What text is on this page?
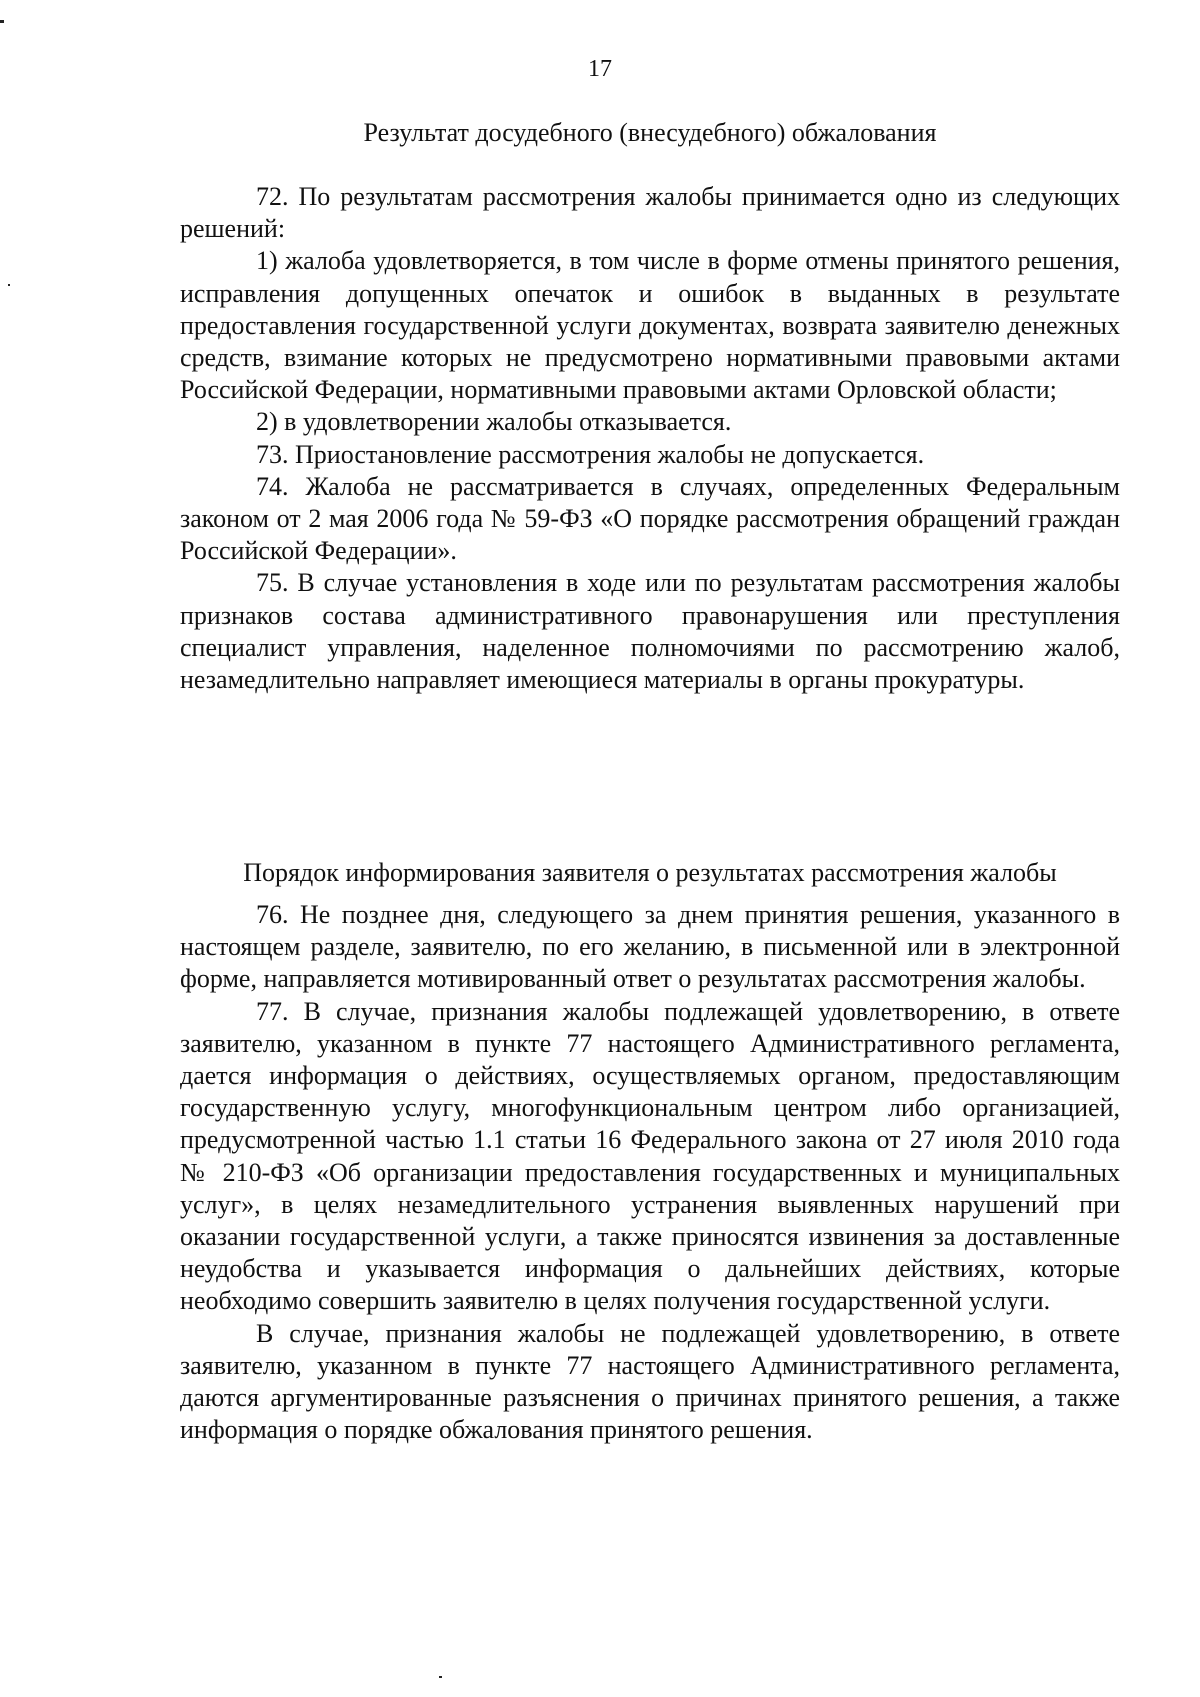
17
Результат досудебного (внесудебного) обжалования

72. По результатам рассмотрения жалобы принимается одно из следующих решений:

1) жалоба удовлетворяется, в том числе в форме отмены принятого решения, исправления допущенных опечаток и ошибок в выданных в результате предоставления государственной услуги документах, возврата заявителю денежных средств, взимание которых не предусмотрено нормативными правовыми актами Российской Федерации, нормативными правовыми актами Орловской области;

2) в удовлетворении жалобы отказывается.

73. Приостановление рассмотрения жалобы не допускается.

74. Жалоба не рассматривается в случаях, определенных Федеральным законом от 2 мая 2006 года № 59-ФЗ «О порядке рассмотрения обращений граждан Российской Федерации».

75. В случае установления в ходе или по результатам рассмотрения жалобы признаков состава административного правонарушения или преступления специалист управления, наделенное полномочиями по рассмотрению жалоб, незамедлительно направляет имеющиеся материалы в органы прокуратуры.

Порядок информирования заявителя о результатах рассмотрения жалобы

76. Не позднее дня, следующего за днем принятия решения, указанного в настоящем разделе, заявителю, по его желанию, в письменной или в электронной форме, направляется мотивированный ответ о результатах рассмотрения жалобы.

77. В случае, признания жалобы подлежащей удовлетворению, в ответе заявителю, указанном в пункте 77 настоящего Административного регламента, дается информация о действиях, осуществляемых органом, предоставляющим государственную услугу, многофункциональным центром либо организацией, предусмотренной частью 1.1 статьи 16 Федерального закона от 27 июля 2010 года № 210-ФЗ «Об организации предоставления государственных и муниципальных услуг», в целях незамедлительного устранения выявленных нарушений при оказании государственной услуги, а также приносятся извинения за доставленные неудобства и указывается информация о дальнейших действиях, которые необходимо совершить заявителю в целях получения государственной услуги.

В случае, признания жалобы не подлежащей удовлетворению, в ответе заявителю, указанном в пункте 77 настоящего Административного регламента, даются аргументированные разъяснения о причинах принятого решения, а также информация о порядке обжалования принятого решения.
